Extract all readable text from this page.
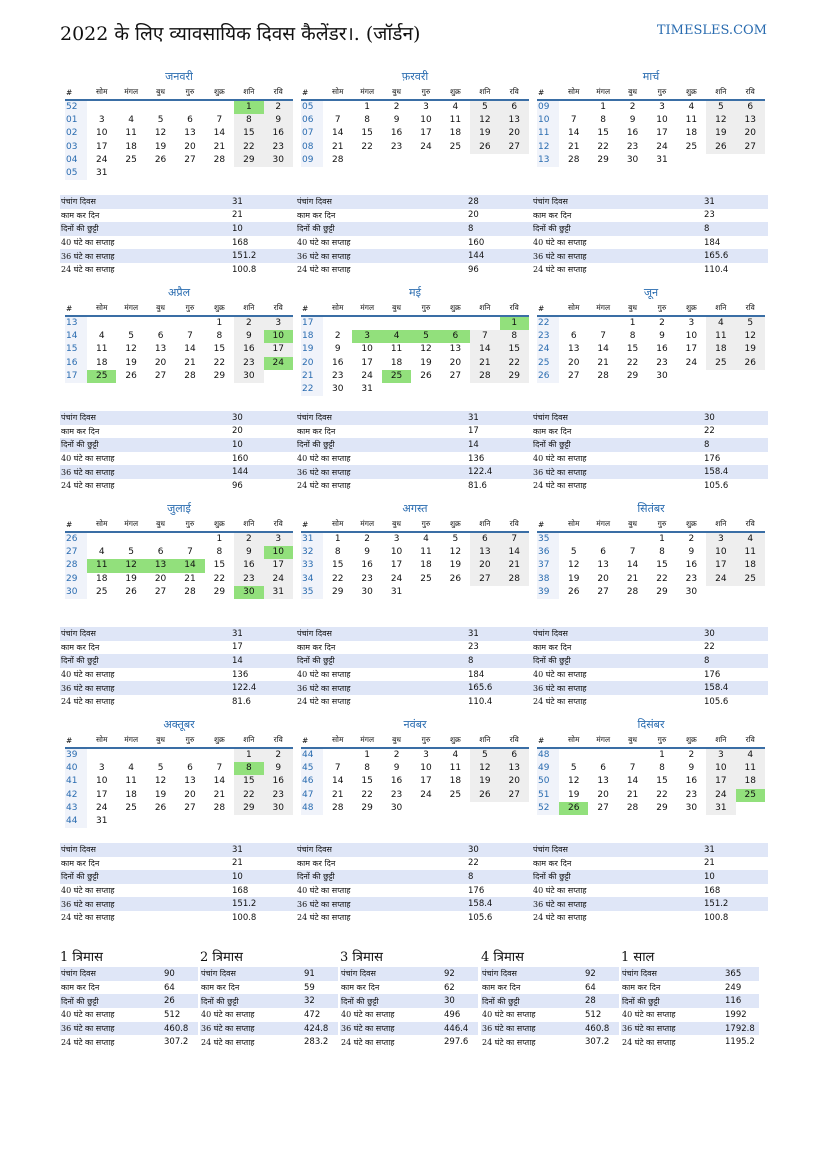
2022 के लिए व्यावसायिक दिवस कैलेंडर।. (जॉर्डन)	TIMESLES.COM
जनवरी
#	सोम	मंगल	बुध	गुरु	शुक्र	शनि	रवि
52						1	2
01	3	4	5	6	7	8	9
02	10	11	12	13	14	15	16
03	17	18	19	20	21	22	23
04	24	25	26	27	28	29	30
05	31						
पंचांग दिवस	31
काम कर दिन	21
दिनों की छुट्टी	10
40 घंटे का सप्ताह	168
36 घंटे का सप्ताह	151.2
24 घंटे का सप्ताह	100.8
फ़रवरी
#	सोम	मंगल	बुध	गुरु	शुक्र	शनि	रवि
05		1	2	3	4	5	6
06	7	8	9	10	11	12	13
07	14	15	16	17	18	19	20
08	21	22	23	24	25	26	27
09	28						
पंचांग दिवस	28
काम कर दिन	20
दिनों की छुट्टी	8
40 घंटे का सप्ताह	160
36 घंटे का सप्ताह	144
24 घंटे का सप्ताह	96
मार्च
#	सोम	मंगल	बुध	गुरु	शुक्र	शनि	रवि
09		1	2	3	4	5	6
10	7	8	9	10	11	12	13
11	14	15	16	17	18	19	20
12	21	22	23	24	25	26	27
13	28	29	30	31			
पंचांग दिवस	31
काम कर दिन	23
दिनों की छुट्टी	8
40 घंटे का सप्ताह	184
36 घंटे का सप्ताह	165.6
24 घंटे का सप्ताह	110.4
अप्रैल
#	सोम	मंगल	बुध	गुरु	शुक्र	शनि	रवि
13					1	2	3
14	4	5	6	7	8	9	10
15	11	12	13	14	15	16	17
16	18	19	20	21	22	23	24
17	25	26	27	28	29	30	
पंचांग दिवस	30
काम कर दिन	20
दिनों की छुट्टी	10
40 घंटे का सप्ताह	160
36 घंटे का सप्ताह	144
24 घंटे का सप्ताह	96
मई
#	सोम	मंगल	बुध	गुरु	शुक्र	शनि	रवि
17							1
18	2	3	4	5	6	7	8
19	9	10	11	12	13	14	15
20	16	17	18	19	20	21	22
21	23	24	25	26	27	28	29
22	30	31					
पंचांग दिवस	31
काम कर दिन	17
दिनों की छुट्टी	14
40 घंटे का सप्ताह	136
36 घंटे का सप्ताह	122.4
24 घंटे का सप्ताह	81.6
जून
#	सोम	मंगल	बुध	गुरु	शुक्र	शनि	रवि
22			1	2	3	4	5
23	6	7	8	9	10	11	12
24	13	14	15	16	17	18	19
25	20	21	22	23	24	25	26
26	27	28	29	30			
पंचांग दिवस	30
काम कर दिन	22
दिनों की छुट्टी	8
40 घंटे का सप्ताह	176
36 घंटे का सप्ताह	158.4
24 घंटे का सप्ताह	105.6
जुलाई
#	सोम	मंगल	बुध	गुरु	शुक्र	शनि	रवि
26					1	2	3
27	4	5	6	7	8	9	10
28	11	12	13	14	15	16	17
29	18	19	20	21	22	23	24
30	25	26	27	28	29	30	31
पंचांग दिवस	31
काम कर दिन	17
दिनों की छुट्टी	14
40 घंटे का सप्ताह	136
36 घंटे का सप्ताह	122.4
24 घंटे का सप्ताह	81.6
अगस्त
#	सोम	मंगल	बुध	गुरु	शुक्र	शनि	रवि
31	1	2	3	4	5	6	7
32	8	9	10	11	12	13	14
33	15	16	17	18	19	20	21
34	22	23	24	25	26	27	28
35	29	30	31				
पंचांग दिवस	31
काम कर दिन	23
दिनों की छुट्टी	8
40 घंटे का सप्ताह	184
36 घंटे का सप्ताह	165.6
24 घंटे का सप्ताह	110.4
सितंबर
#	सोम	मंगल	बुध	गुरु	शुक्र	शनि	रवि
35				1	2	3	4
36	5	6	7	8	9	10	11
37	12	13	14	15	16	17	18
38	19	20	21	22	23	24	25
39	26	27	28	29	30		
पंचांग दिवस	30
काम कर दिन	22
दिनों की छुट्टी	8
40 घंटे का सप्ताह	176
36 घंटे का सप्ताह	158.4
24 घंटे का सप्ताह	105.6
अक्तूबर
#	सोम	मंगल	बुध	गुरु	शुक्र	शनि	रवि
39						1	2
40	3	4	5	6	7	8	9
41	10	11	12	13	14	15	16
42	17	18	19	20	21	22	23
43	24	25	26	27	28	29	30
44	31						
पंचांग दिवस	31
काम कर दिन	21
दिनों की छुट्टी	10
40 घंटे का सप्ताह	168
36 घंटे का सप्ताह	151.2
24 घंटे का सप्ताह	100.8
नवंबर
#	सोम	मंगल	बुध	गुरु	शुक्र	शनि	रवि
44		1	2	3	4	5	6
45	7	8	9	10	11	12	13
46	14	15	16	17	18	19	20
47	21	22	23	24	25	26	27
48	28	29	30				
पंचांग दिवस	30
काम कर दिन	22
दिनों की छुट्टी	8
40 घंटे का सप्ताह	176
36 घंटे का सप्ताह	158.4
24 घंटे का सप्ताह	105.6
दिसंबर
#	सोम	मंगल	बुध	गुरु	शुक्र	शनि	रवि
48				1	2	3	4
49	5	6	7	8	9	10	11
50	12	13	14	15	16	17	18
51	19	20	21	22	23	24	25
52	26	27	28	29	30	31	
पंचांग दिवस	31
काम कर दिन	21
दिनों की छुट्टी	10
40 घंटे का सप्ताह	168
36 घंटे का सप्ताह	151.2
24 घंटे का सप्ताह	100.8
1 त्रिमास
पंचांग दिवस	90
काम कर दिन	64
दिनों की छुट्टी	26
40 घंटे का सप्ताह	512
36 घंटे का सप्ताह	460.8
24 घंटे का सप्ताह	307.2
2 त्रिमास
पंचांग दिवस	91
काम कर दिन	59
दिनों की छुट्टी	32
40 घंटे का सप्ताह	472
36 घंटे का सप्ताह	424.8
24 घंटे का सप्ताह	283.2
3 त्रिमास
पंचांग दिवस	92
काम कर दिन	62
दिनों की छुट्टी	30
40 घंटे का सप्ताह	496
36 घंटे का सप्ताह	446.4
24 घंटे का सप्ताह	297.6
4 त्रिमास
पंचांग दिवस	92
काम कर दिन	64
दिनों की छुट्टी	28
40 घंटे का सप्ताह	512
36 घंटे का सप्ताह	460.8
24 घंटे का सप्ताह	307.2
1 साल
पंचांग दिवस	365
काम कर दिन	249
दिनों की छुट्टी	116
40 घंटे का सप्ताह	1992
36 घंटे का सप्ताह	1792.8
24 घंटे का सप्ताह	1195.2
